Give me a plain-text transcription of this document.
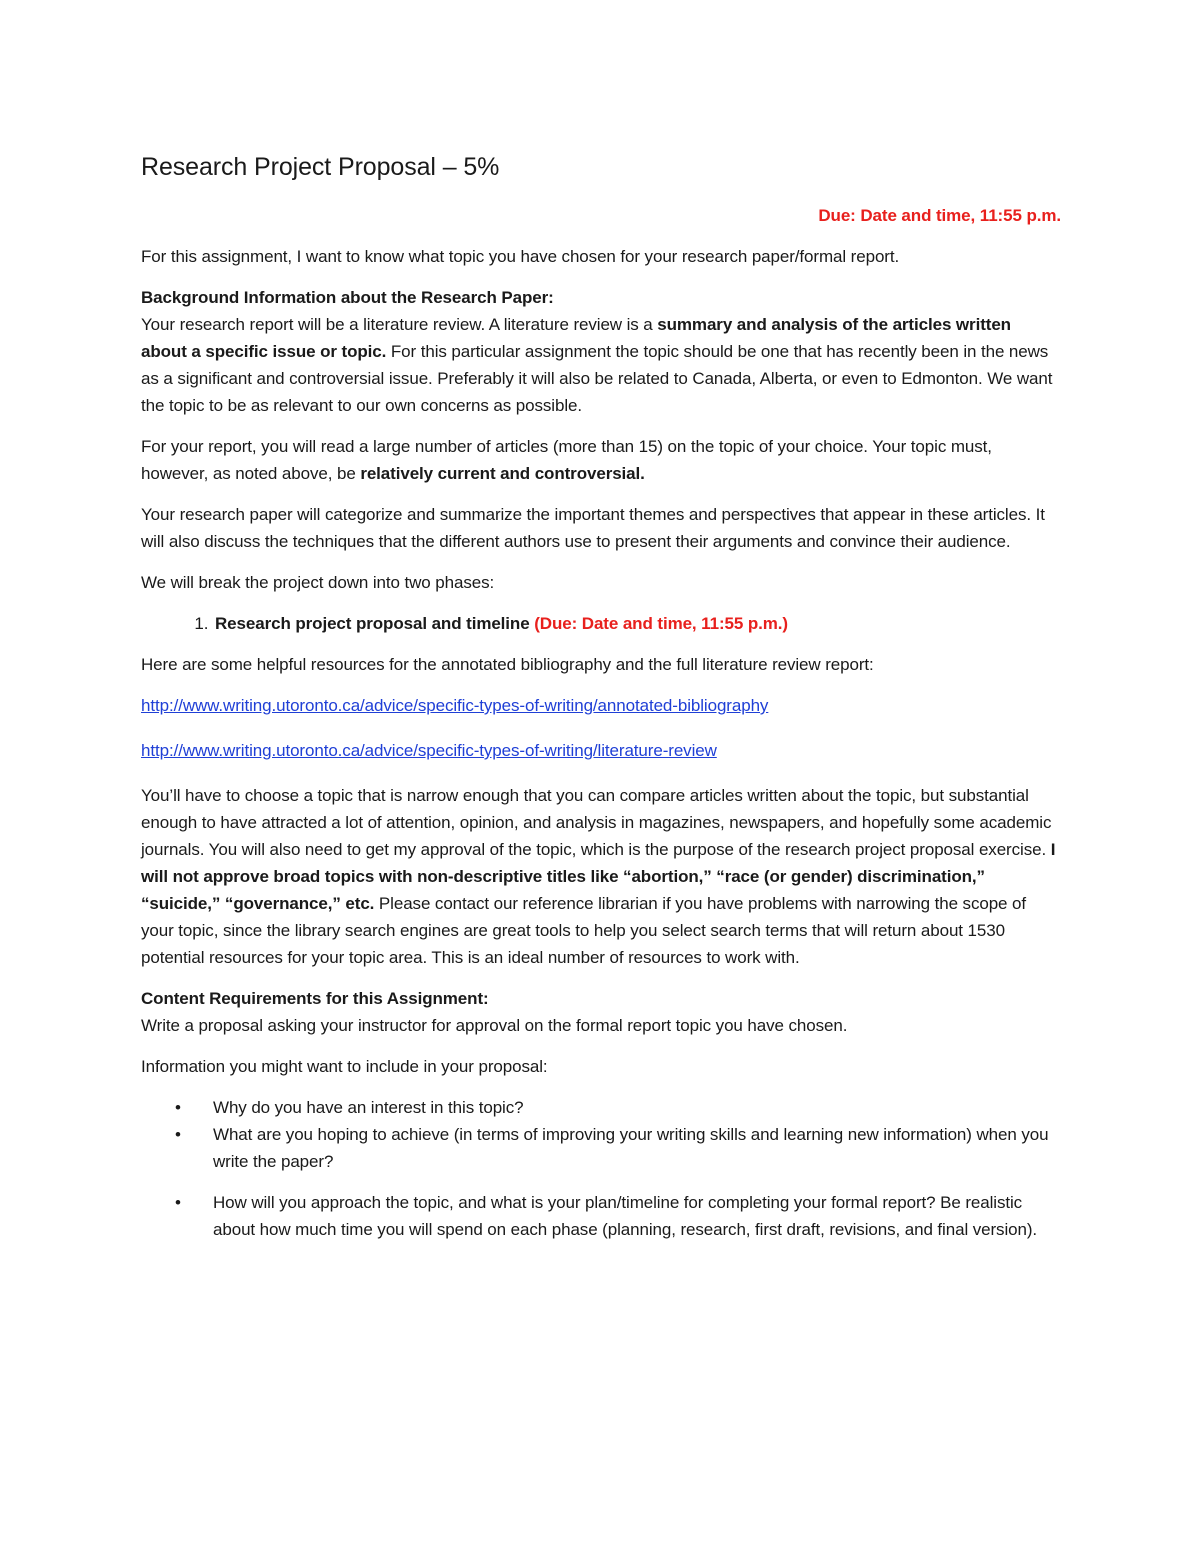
Research Project Proposal – 5%

Due: Date and time, 11:55 p.m.

For this assignment, I want to know what topic you have chosen for your research paper/formal report.

Background Information about the Research Paper:

Your research report will be a literature review. A literature review is a summary and analysis of the articles written about a specific issue or topic. For this particular assignment the topic should be one that has recently been in the news as a significant and controversial issue. Preferably it will also be related to Canada, Alberta, or even to Edmonton. We want the topic to be as relevant to our own concerns as possible.

For your report, you will read a large number of articles (more than 15) on the topic of your choice. Your topic must, however, as noted above, be relatively current and controversial.

Your research paper will categorize and summarize the important themes and perspectives that appear in these articles. It will also discuss the techniques that the different authors use to present their arguments and convince their audience.

We will break the project down into two phases:

1. Research project proposal and timeline (Due: Date and time, 11:55 p.m.)

Here are some helpful resources for the annotated bibliography and the full literature review report:

http://www.writing.utoronto.ca/advice/specific-types-of-writing/annotated-bibliography

http://www.writing.utoronto.ca/advice/specific-types-of-writing/literature-review

You’ll have to choose a topic that is narrow enough that you can compare articles written about the topic, but substantial enough to have attracted a lot of attention, opinion, and analysis in magazines, newspapers, and hopefully some academic journals. You will also need to get my approval of the topic, which is the purpose of the research project proposal exercise. I will not approve broad topics with non-descriptive titles like “abortion,” “race (or gender) discrimination,” “suicide,” “governance,” etc. Please contact our reference librarian if you have problems with narrowing the scope of your topic, since the library search engines are great tools to help you select search terms that will return about 1530 potential resources for your topic area. This is an ideal number of resources to work with.

Content Requirements for this Assignment:

Write a proposal asking your instructor for approval on the formal report topic you have chosen.

Information you might want to include in your proposal:

• Why do you have an interest in this topic?
• What are you hoping to achieve (in terms of improving your writing skills and learning new information) when you write the paper?
• How will you approach the topic, and what is your plan/timeline for completing your formal report? Be realistic about how much time you will spend on each phase (planning, research, first draft, revisions, and final version).
